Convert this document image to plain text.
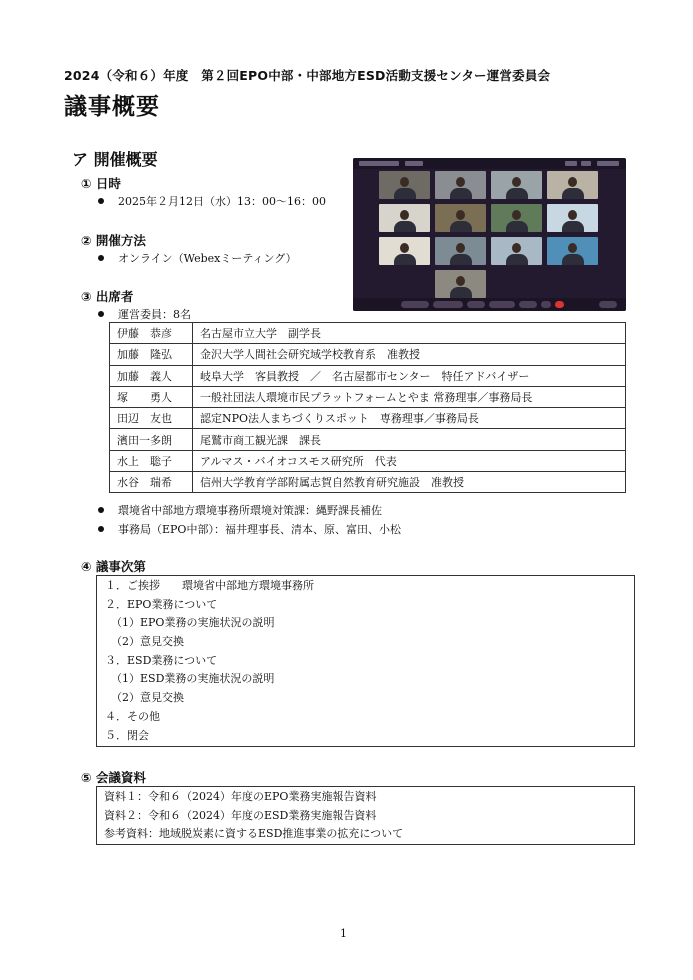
2024（令和６）年度　第２回EPO中部・中部地方ESD活動支援センター運営委員会
議事概要
ア 開催概要
① 日時
2025年２月12日（水）13：00～16：00
② 開催方法
オンライン（Webexミーティング）
③ 出席者
運営委員：8名
伊藤　恭彦	名古屋市立大学　副学長
加藤　隆弘	金沢大学人間社会研究域学校教育系　准教授
加藤　義人	岐阜大学　客員教授　／　名古屋都市センター　特任アドバイザー
塚　　勇人	一般社団法人環境市民プラットフォームとやま 常務理事／事務局長
田辺　友也	認定NPO法人まちづくりスポット　専務理事／事務局長
濱田一多朗	尾鷲市商工観光課　課長
水上　聡子	アルマス・バイオコスモス研究所　代表
水谷　瑞希	信州大学教育学部附属志賀自然教育研究施設　准教授
環境省中部地方環境事務所環境対策課：縄野課長補佐
事務局（EPO中部）：福井理事長、清本、原、富田、小松
④ 議事次第
１．ご挨拶　　環境省中部地方環境事務所
２．EPO業務について
（1）EPO業務の実施状況の説明
（2）意見交換
３．ESD業務について
（1）ESD業務の実施状況の説明
（2）意見交換
４．その他
５．閉会
⑤ 会議資料
資料１：令和６（2024）年度のEPO業務実施報告資料
資料２：令和６（2024）年度のESD業務実施報告資料
参考資料：地域脱炭素に資するESD推進事業の拡充について
1
